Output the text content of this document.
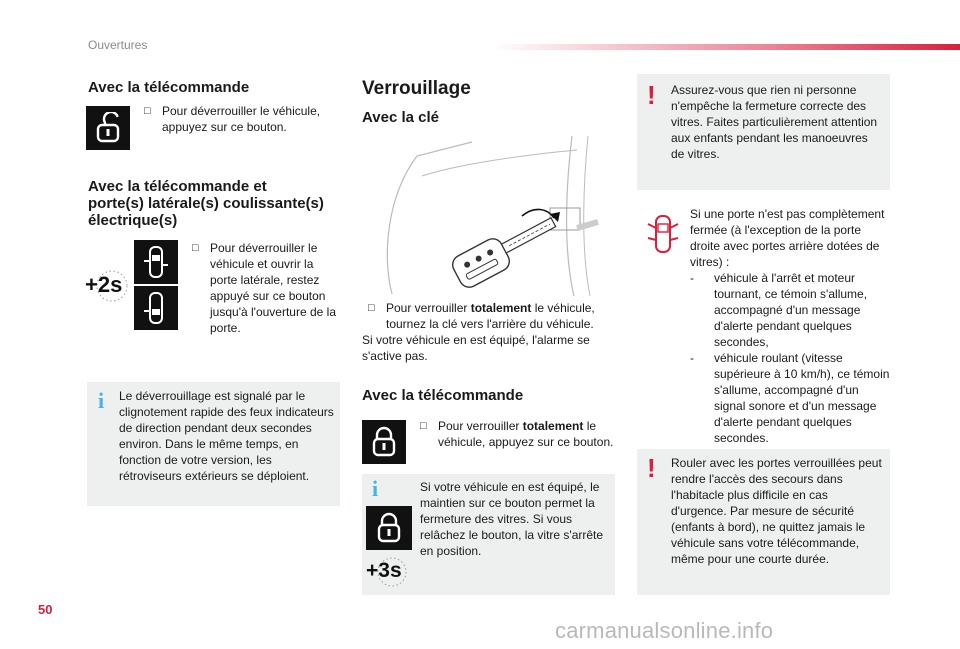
Ouvertures
Avec la télécommande
□ Pour déverrouiller le véhicule, appuyez sur ce bouton.
Avec la télécommande et
porte(s) latérale(s) coulissante(s)
électrique(s)
+2s
□ Pour déverrouiller le véhicule et ouvrir la porte latérale, restez appuyé sur ce bouton jusqu'à l'ouverture de la porte.
i Le déverrouillage est signalé par le clignotement rapide des feux indicateurs de direction pendant deux secondes environ. Dans le même temps, en fonction de votre version, les rétroviseurs extérieurs se déploient.
Verrouillage
Avec la clé
□ Pour verrouiller totalement le véhicule, tournez la clé vers l'arrière du véhicule.
Si votre véhicule en est équipé, l'alarme se s'active pas.
Avec la télécommande
□ Pour verrouiller totalement le véhicule, appuyez sur ce bouton.
i
+3s
Si votre véhicule en est équipé, le maintien sur ce bouton permet la fermeture des vitres. Si vous relâchez le bouton, la vitre s'arrête en position.
! Assurez-vous que rien ni personne n'empêche la fermeture correcte des vitres. Faites particulièrement attention aux enfants pendant les manoeuvres de vitres.
Si une porte n'est pas complètement fermée (à l'exception de la porte droite avec portes arrière dotées de vitres) :
- véhicule à l'arrêt et moteur tournant, ce témoin s'allume, accompagné d'un message d'alerte pendant quelques secondes,
- véhicule roulant (vitesse supérieure à 10 km/h), ce témoin s'allume, accompagné d'un signal sonore et d'un message d'alerte pendant quelques secondes.
! Rouler avec les portes verrouillées peut rendre l'accès des secours dans l'habitacle plus difficile en cas d'urgence. Par mesure de sécurité (enfants à bord), ne quittez jamais le véhicule sans votre télécommande, même pour une courte durée.
50
carmanualsonline.info
